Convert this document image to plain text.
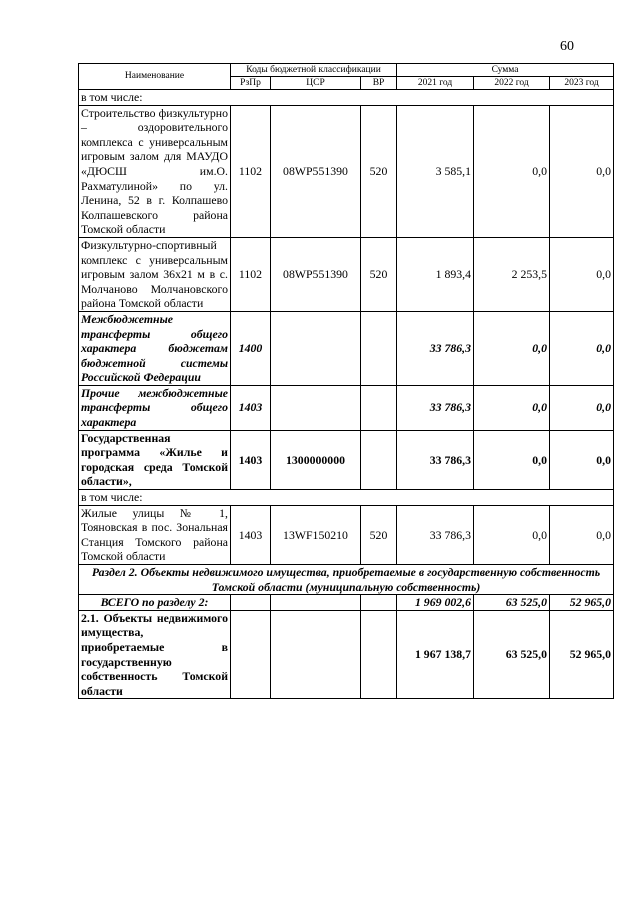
60
Наименование	Коды бюджетной классификации			Сумма		
	РзПр	ЦСР	ВР	2021 год	2022 год	2023 год
в том числе:						
Строительство физкультурно – оздоровительного комплекса с универсальным игровым залом для МАУДО «ДЮСШ им.О. Рахматулиной» по ул. Ленина, 52 в г. Колпашево Колпашевского района Томской области	1102	08WP551390	520	3 585,1	0,0	0,0
Физкультурно-спортивный комплекс с универсальным игровым залом 36x21 м в с. Молчаново Молчановского района Томской области	1102	08WP551390	520	1 893,4	2 253,5	0,0
Межбюджетные трансферты общего характера бюджетам бюджетной системы Российской Федерации	1400			33 786,3	0,0	0,0
Прочие межбюджетные трансферты общего характера	1403			33 786,3	0,0	0,0
Государственная программа «Жилье и городская среда Томской области»,	1403	1300000000		33 786,3	0,0	0,0
в том числе:						
Жилые улицы № 1, Тояновская в пос. Зональная Станция Томского района Томской области	1403	13WF150210	520	33 786,3	0,0	0,0
Раздел 2. Объекты недвижимого имущества, приобретаемые в государственную собственность Томской области (муниципальную собственность)						
ВСЕГО по разделу 2:				1 969 002,6	63 525,0	52 965,0
2.1. Объекты недвижимого имущества, приобретаемые в государственную собственность Томской области				1 967 138,7	63 525,0	52 965,0
